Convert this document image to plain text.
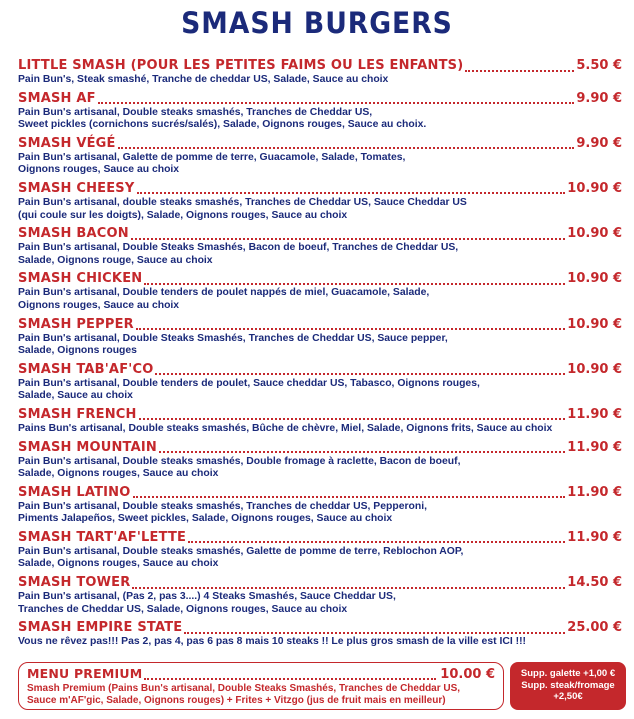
SMASH BURGERS
LITTLE SMASH (POUR LES PETITES FAIMS OU LES ENFANTS)	5.50 €
Pain Bun's, Steak smashé, Tranche de cheddar US, Salade, Sauce au choix
SMASH AF	9.90 €
Pain Bun's artisanal, Double steaks smashés, Tranches de Cheddar US,
Sweet pickles (cornichons sucrés/salés), Salade, Oignons rouges, Sauce au choix.
SMASH VÉGÉ	9.90 €
Pain Bun's artisanal, Galette de pomme de terre, Guacamole, Salade, Tomates,
Oignons rouges, Sauce au choix
SMASH CHEESY	10.90 €
Pain Bun's artisanal, double steaks smashés, Tranches de Cheddar US, Sauce Cheddar US
(qui coule sur les doigts), Salade, Oignons rouges, Sauce au choix
SMASH BACON	10.90 €
Pain Bun's artisanal, Double Steaks Smashés, Bacon de boeuf, Tranches de Cheddar US,
Salade, Oignons rouge, Sauce au choix
SMASH CHICKEN	10.90 €
Pain Bun's artisanal, Double tenders de poulet nappés de miel, Guacamole, Salade,
Oignons rouges, Sauce au choix
SMASH PEPPER	10.90 €
Pain Bun's artisanal, Double Steaks Smashés, Tranches de Cheddar US, Sauce pepper,
Salade, Oignons rouges
SMASH TAB'AF'CO	10.90 €
Pain Bun's artisanal, Double tenders de poulet, Sauce cheddar US, Tabasco, Oignons rouges,
Salade, Sauce au choix
SMASH FRENCH	11.90 €
Pains Bun's artisanal, Double steaks smashés, Bûche de chèvre, Miel, Salade, Oignons frits, Sauce au choix
SMASH MOUNTAIN	11.90 €
Pain Bun's artisanal, Double steaks smashés, Double fromage à raclette, Bacon de boeuf,
Salade, Oignons rouges, Sauce au choix
SMASH LATINO	11.90 €
Pain Bun's artisanal, Double steaks smashés, Tranches de cheddar US, Pepperoni,
Piments Jalapeños, Sweet pickles, Salade, Oignons rouges, Sauce au choix
SMASH TART'AF'LETTE	11.90 €
Pain Bun's artisanal, Double steaks smashés, Galette de pomme de terre, Reblochon AOP,
Salade, Oignons rouges, Sauce au choix
SMASH TOWER	14.50 €
Pain Bun's artisanal, (Pas 2, pas 3....) 4 Steaks Smashés, Sauce Cheddar US,
Tranches de Cheddar US, Salade, Oignons rouges, Sauce au choix
SMASH EMPIRE STATE	25.00 €
Vous ne rêvez pas!!! Pas 2, pas 4, pas 6 pas 8 mais 10 steaks !! Le plus gros smash de la ville est ICI !!!
MENU PREMIUM	10.00 €
Smash Premium (Pains Bun's artisanal, Double Steaks Smashés, Tranches de Cheddar US,
Sauce m'AF'gic, Salade, Oignons rouges) + Frites + Vitzgo (jus de fruit mais en meilleur)
Supp. galette +1,00 €
Supp. steak/fromage
+2,50€
